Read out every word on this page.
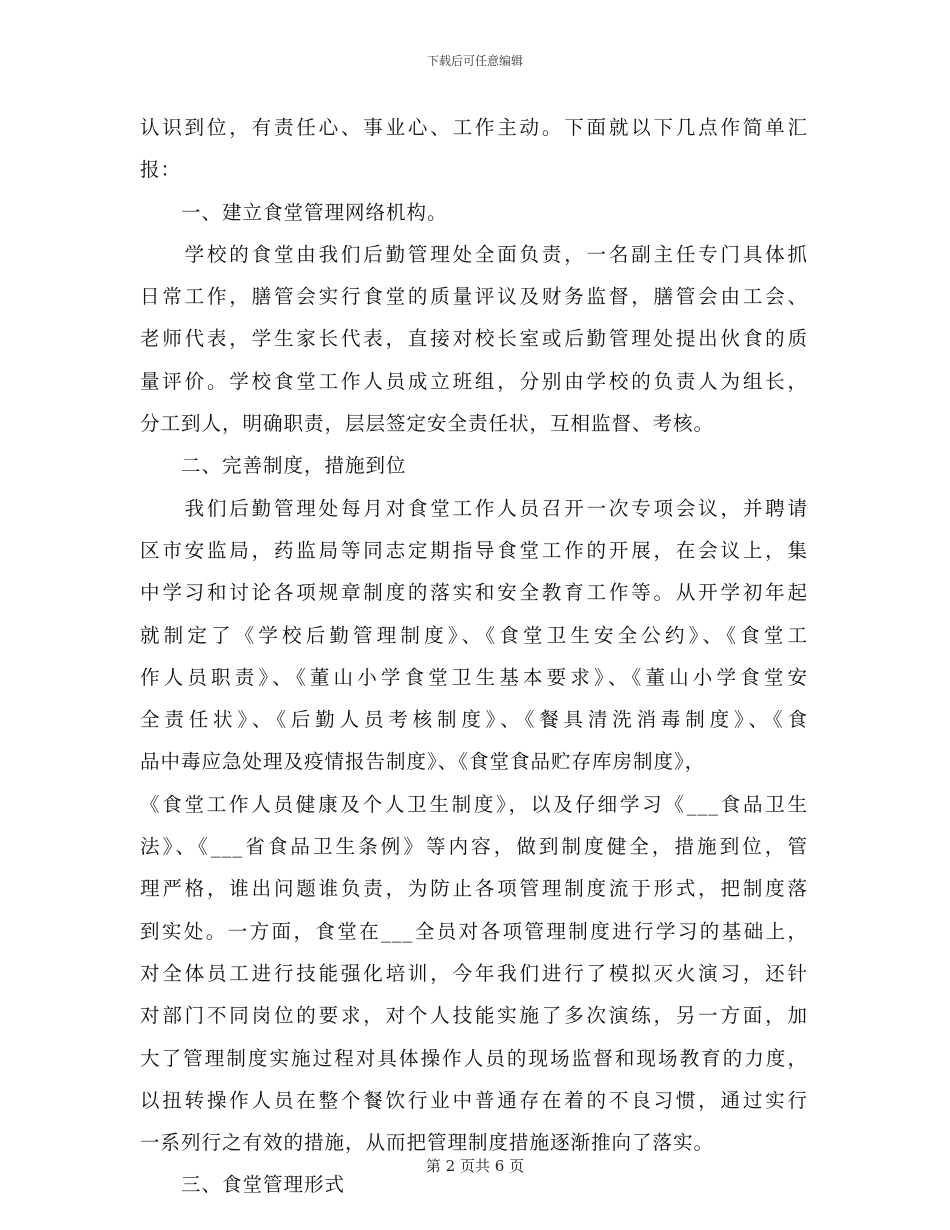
下载后可任意编辑
认识到位，有责任心、事业心、工作主动。下面就以下几点作简单汇
报：
　　一、建立食堂管理网络机构。
　　学校的食堂由我们后勤管理处全面负责，一名副主任专门具体抓
日常工作，膳管会实行食堂的质量评议及财务监督，膳管会由工会、
老师代表，学生家长代表，直接对校长室或后勤管理处提出伙食的质
量评价。学校食堂工作人员成立班组，分别由学校的负责人为组长，
分工到人，明确职责，层层签定安全责任状，互相监督、考核。
　　二、完善制度，措施到位
　　我们后勤管理处每月对食堂工作人员召开一次专项会议，并聘请
区市安监局，药监局等同志定期指导食堂工作的开展，在会议上，集
中学习和讨论各项规章制度的落实和安全教育工作等。从开学初年起
就制定了《学校后勤管理制度》、《食堂卫生安全公约》、《食堂工
作人员职责》、《董山小学食堂卫生基本要求》、《董山小学食堂安
全责任状》、《后勤人员考核制度》、《餐具清洗消毒制度》、《食
品中毒应急处理及疫情报告制度》、《食堂食品贮存库房制度》，
《食堂工作人员健康及个人卫生制度》，以及仔细学习《___食品卫生
法》、《___省食品卫生条例》等内容，做到制度健全，措施到位，管
理严格，谁出问题谁负责，为防止各项管理制度流于形式，把制度落
到实处。一方面，食堂在___全员对各项管理制度进行学习的基础上，
对全体员工进行技能强化培训，今年我们进行了模拟灭火演习，还针
对部门不同岗位的要求，对个人技能实施了多次演练，另一方面，加
大了管理制度实施过程对具体操作人员的现场监督和现场教育的力度，
以扭转操作人员在整个餐饮行业中普通存在着的不良习惯，通过实行
一系列行之有效的措施，从而把管理制度措施逐渐推向了落实。
　　三、食堂管理形式
第 2 页共 6 页
